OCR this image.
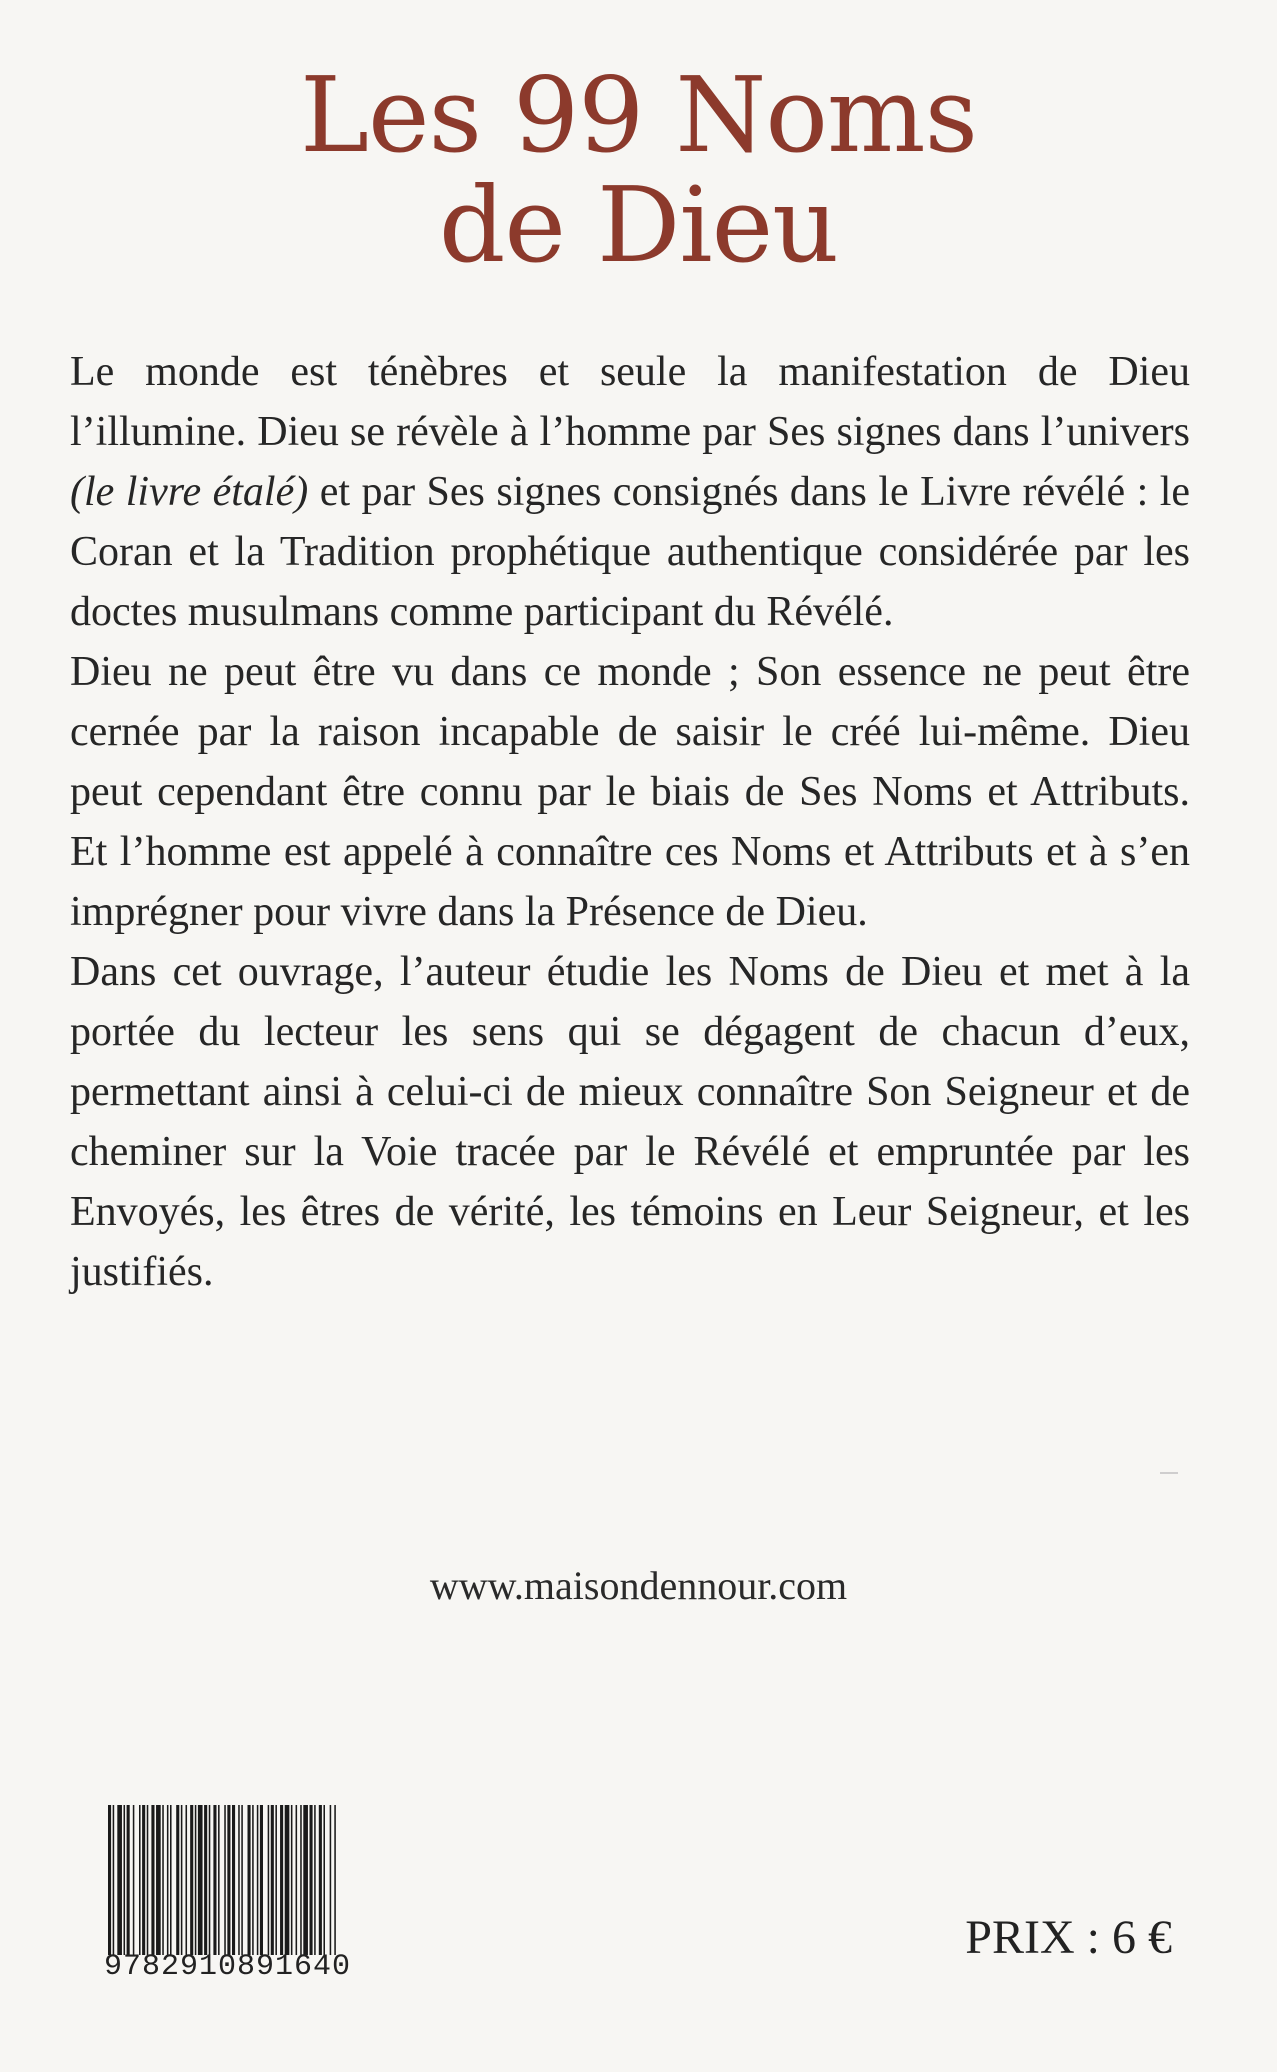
Les 99 Noms
de Dieu

Le monde est ténèbres et seule la manifestation de Dieu l’illumine. Dieu se révèle à l’homme par Ses signes dans l’univers (le livre étalé) et par Ses signes consignés dans le Livre révélé : le Coran et la Tradition prophétique authentique considérée par les doctes musulmans comme participant du Révélé.

Dieu ne peut être vu dans ce monde ; Son essence ne peut être cernée par la raison incapable de saisir le créé lui-même. Dieu peut cependant être connu par le biais de Ses Noms et Attributs. Et l’homme est appelé à connaître ces Noms et Attributs et à s’en imprégner pour vivre dans la Présence de Dieu.

Dans cet ouvrage, l’auteur étudie les Noms de Dieu et met à la portée du lecteur les sens qui se dégagent de chacun d’eux, permettant ainsi à celui-ci de mieux connaître Son Seigneur et de cheminer sur la Voie tracée par le Révélé et empruntée par les Envoyés, les êtres de vérité, les témoins en Leur Seigneur, et les justifiés.

www.maisondennour.com
9782910891640
PRIX : 6 €
